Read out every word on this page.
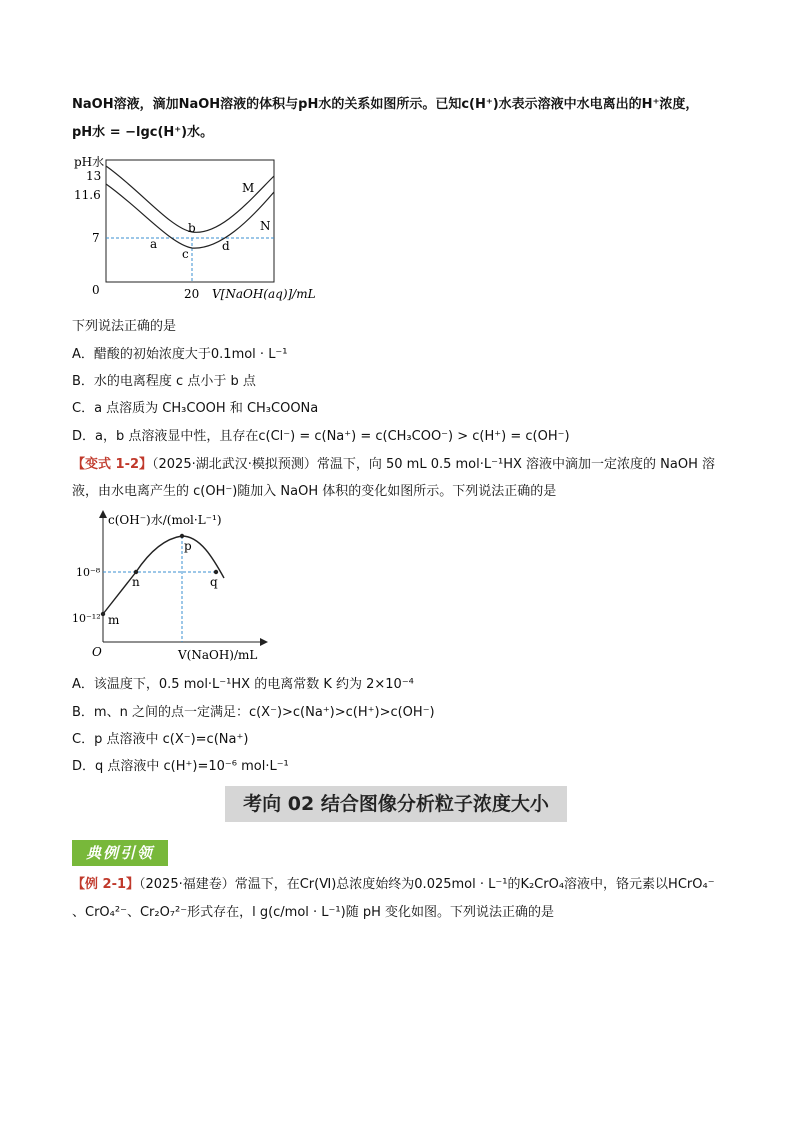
NaOH溶液，滴加NaOH溶液的体积与pH水的关系如图所示。已知c(H⁺)水表示溶液中水电离出的H⁺浓度，
pH水 = −lgc(H⁺)水。
pH水
13
11.6
7
0	20 V[NaOH(aq)]/mL
M
N
a
b
c
d
下列说法正确的是
A．醋酸的初始浓度大于0.1mol · L⁻¹
B．水的电离程度 c 点小于 b 点
C．a 点溶质为 CH₃COOH 和 CH₃COONa
D．a，b 点溶液显中性，且存在c(Cl⁻) = c(Na⁺) = c(CH₃COO⁻) > c(H⁺) = c(OH⁻)
【变式 1-2】（2025·湖北武汉·模拟预测）常温下，向 50 mL 0.5 mol·L⁻¹HX 溶液中滴加一定浓度的 NaOH 溶
液，由水电离产生的 c(OH⁻)随加入 NaOH 体积的变化如图所示。下列说法正确的是
c(OH⁻)水/(mol·L⁻¹)
10⁻⁸
10⁻¹²
O	V(NaOH)/mL
m
n
p
q
A．该温度下，0.5 mol·L⁻¹HX 的电离常数 K 约为 2×10⁻⁴
B．m、n 之间的点一定满足：c(X⁻)>c(Na⁺)>c(H⁺)>c(OH⁻)
C．p 点溶液中 c(X⁻)=c(Na⁺)
D．q 点溶液中 c(H⁺)=10⁻⁶ mol·L⁻¹
考向 02 结合图像分析粒子浓度大小
典例引领
【例 2-1】（2025·福建卷）常温下，在Cr(Ⅵ)总浓度始终为0.025mol · L⁻¹的K₂CrO₄溶液中，铬元素以HCrO₄⁻
、CrO₄²⁻、Cr₂O₇²⁻形式存在，l g(c/mol · L⁻¹)随 pH 变化如图。下列说法正确的是
